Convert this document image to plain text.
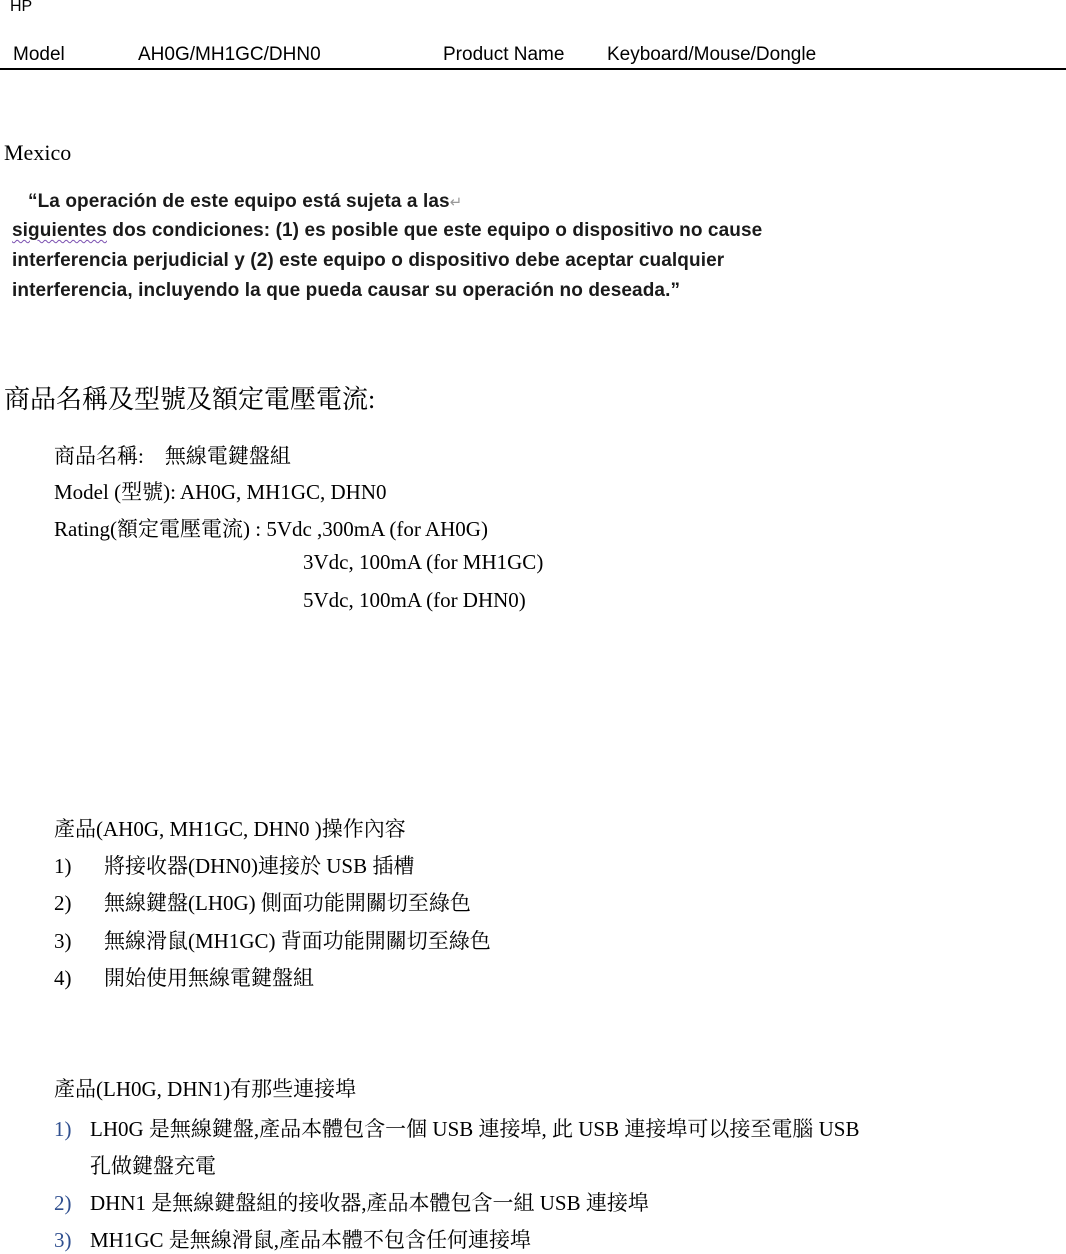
HP
Model	AH0G/MH1GC/DHN0	Product Name Keyboard/Mouse/Dongle
Mexico
“La operación de este equipo está sujeta a las↵
siguientes dos condiciones: (1) es posible que este equipo o dispositivo no cause
interferencia perjudicial y (2) este equipo o dispositivo debe aceptar cualquier
interferencia, incluyendo la que pueda causar su operación no deseada.”
商品名稱及型號及額定電壓電流:
商品名稱:　無線電鍵盤組
Model (型號): AH0G, MH1GC, DHN0
Rating(額定電壓電流) : 5Vdc ,300mA (for AH0G)
3Vdc, 100mA (for MH1GC)
5Vdc, 100mA (for DHN0)
產品(AH0G, MH1GC, DHN0 )操作內容
1) 將接收器(DHN0)連接於 USB 插槽
2) 無線鍵盤(LH0G) 側面功能開關切至綠色
3) 無線滑鼠(MH1GC) 背面功能開關切至綠色
4) 開始使用無線電鍵盤組
產品(LH0G, DHN1)有那些連接埠
1) LH0G 是無線鍵盤,產品本體包含一個 USB 連接埠, 此 USB 連接埠可以接至電腦 USB
孔做鍵盤充電
2) DHN1 是無線鍵盤組的接收器,產品本體包含一組 USB 連接埠
3) MH1GC 是無線滑鼠,產品本體不包含任何連接埠
